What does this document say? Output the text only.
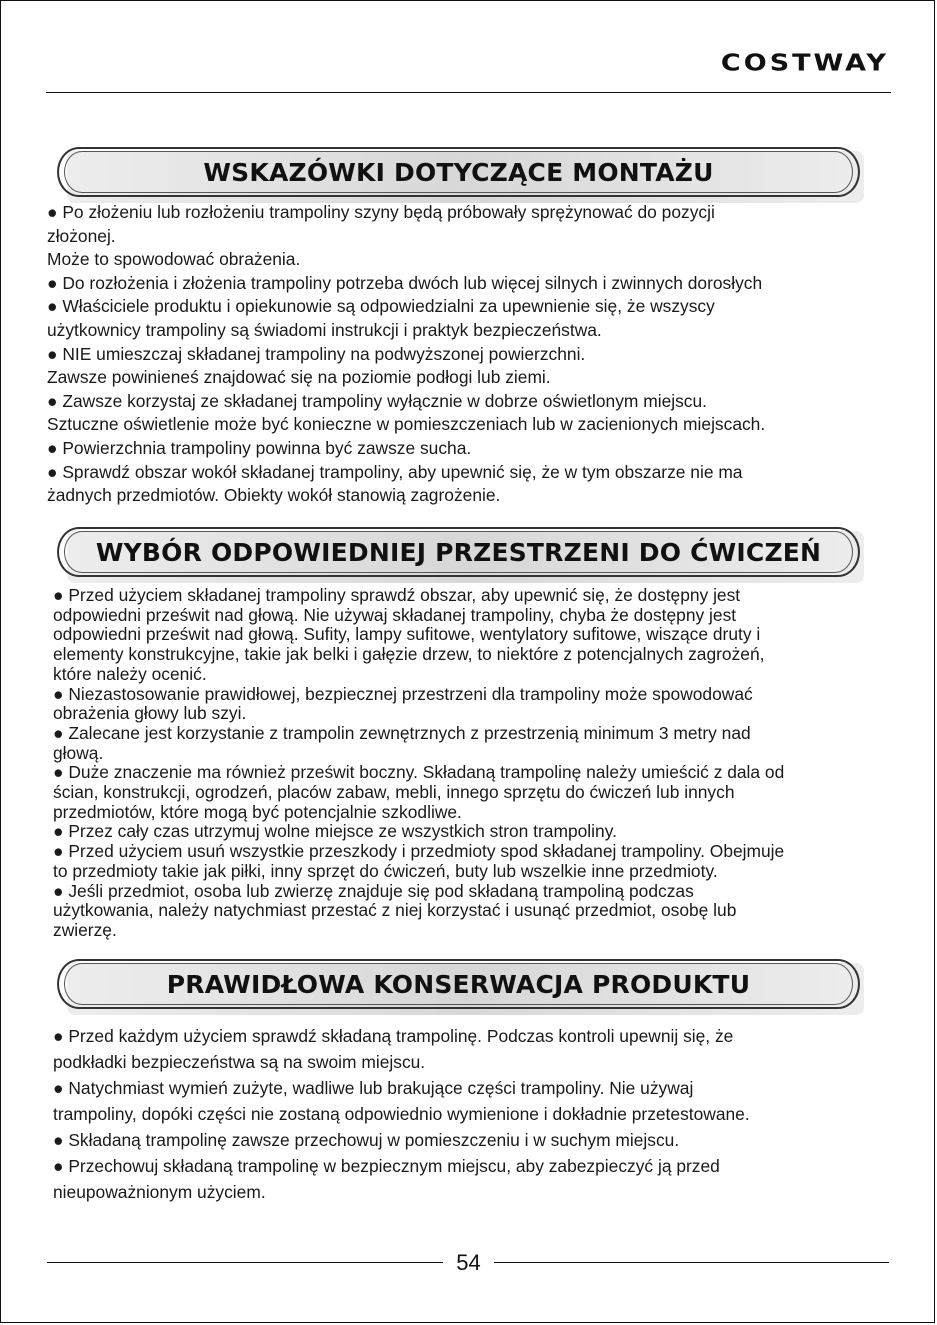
COSTWAY
WSKAZÓWKI DOTYCZĄCE MONTAŻU
● Po złożeniu lub rozłożeniu trampoliny szyny będą próbowały sprężynować do pozycji
złożonej.
Może to spowodować obrażenia.
● Do rozłożenia i złożenia trampoliny potrzeba dwóch lub więcej silnych i zwinnych dorosłych
● Właściciele produktu i opiekunowie są odpowiedzialni za upewnienie się, że wszyscy
użytkownicy trampoliny są świadomi instrukcji i praktyk bezpieczeństwa.
● NIE umieszczaj składanej trampoliny na podwyższonej powierzchni.
Zawsze powinieneś znajdować się na poziomie podłogi lub ziemi.
● Zawsze korzystaj ze składanej trampoliny wyłącznie w dobrze oświetlonym miejscu.
Sztuczne oświetlenie może być konieczne w pomieszczeniach lub w zacienionych miejscach.
● Powierzchnia trampoliny powinna być zawsze sucha.
● Sprawdź obszar wokół składanej trampoliny, aby upewnić się, że w tym obszarze nie ma
żadnych przedmiotów. Obiekty wokół stanowią zagrożenie.
WYBÓR ODPOWIEDNIEJ PRZESTRZENI DO ĆWICZEŃ
● Przed użyciem składanej trampoliny sprawdź obszar, aby upewnić się, że dostępny jest
odpowiedni prześwit nad głową. Nie używaj składanej trampoliny, chyba że dostępny jest
odpowiedni prześwit nad głową. Sufity, lampy sufitowe, wentylatory sufitowe, wiszące druty i
elementy konstrukcyjne, takie jak belki i gałęzie drzew, to niektóre z potencjalnych zagrożeń,
które należy ocenić.
● Niezastosowanie prawidłowej, bezpiecznej przestrzeni dla trampoliny może spowodować
obrażenia głowy lub szyi.
● Zalecane jest korzystanie z trampolin zewnętrznych z przestrzenią minimum 3 metry nad
głową.
● Duże znaczenie ma również prześwit boczny. Składaną trampolinę należy umieścić z dala od
ścian, konstrukcji, ogrodzeń, placów zabaw, mebli, innego sprzętu do ćwiczeń lub innych
przedmiotów, które mogą być potencjalnie szkodliwe.
● Przez cały czas utrzymuj wolne miejsce ze wszystkich stron trampoliny.
● Przed użyciem usuń wszystkie przeszkody i przedmioty spod składanej trampoliny. Obejmuje
to przedmioty takie jak piłki, inny sprzęt do ćwiczeń, buty lub wszelkie inne przedmioty.
● Jeśli przedmiot, osoba lub zwierzę znajduje się pod składaną trampoliną podczas
użytkowania, należy natychmiast przestać z niej korzystać i usunąć przedmiot, osobę lub
zwierzę.
PRAWIDŁOWA KONSERWACJA PRODUKTU
● Przed każdym użyciem sprawdź składaną trampolinę. Podczas kontroli upewnij się, że
podkładki bezpieczeństwa są na swoim miejscu.
● Natychmiast wymień zużyte, wadliwe lub brakujące części trampoliny. Nie używaj
trampoliny, dopóki części nie zostaną odpowiednio wymienione i dokładnie przetestowane.
● Składaną trampolinę zawsze przechowuj w pomieszczeniu i w suchym miejscu.
● Przechowuj składaną trampolinę w bezpiecznym miejscu, aby zabezpieczyć ją przed
nieupoważnionym użyciem.
54
